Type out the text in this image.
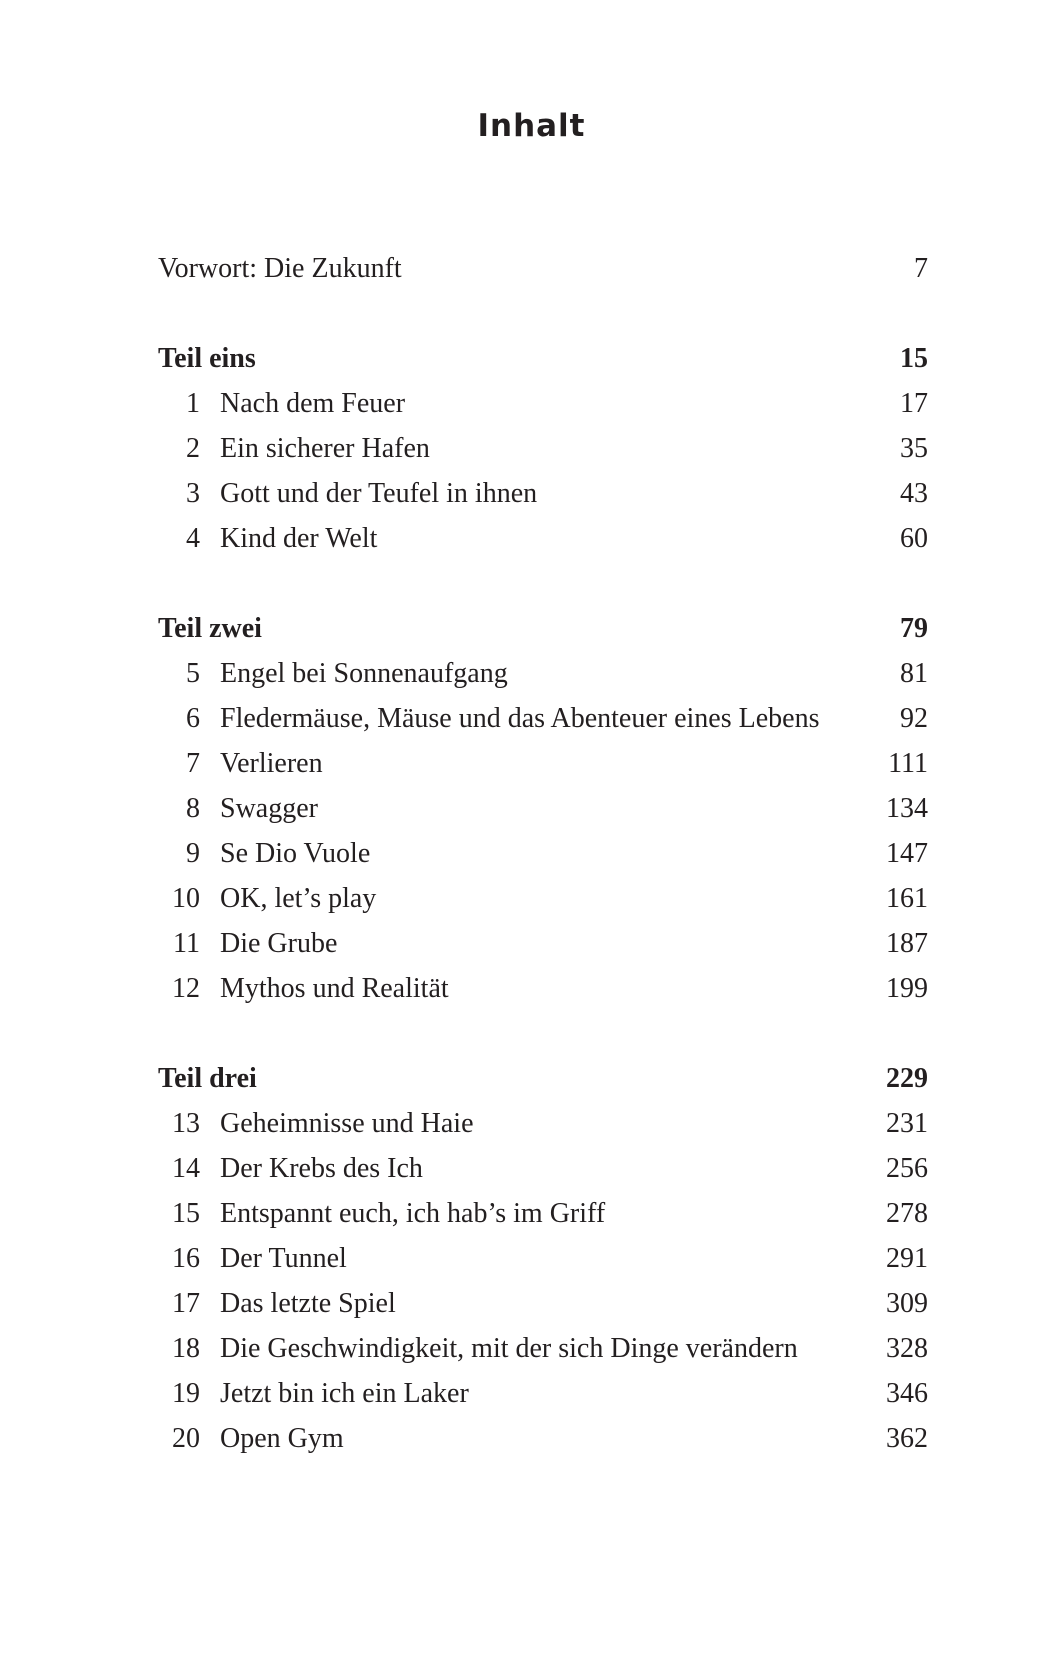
Inhalt
Vorwort: Die Zukunft	7
Teil eins	15
1 Nach dem Feuer	17
2 Ein sicherer Hafen	35
3 Gott und der Teufel in ihnen	43
4 Kind der Welt	60
Teil zwei	79
5 Engel bei Sonnenaufgang	81
6 Fledermäuse, Mäuse und das Abenteuer eines Lebens	92
7 Verlieren	111
8 Swagger	134
9 Se Dio Vuole	147
10 OK, let’s play	161
11 Die Grube	187
12 Mythos und Realität	199
Teil drei	229
13 Geheimnisse und Haie	231
14 Der Krebs des Ich	256
15 Entspannt euch, ich hab’s im Griff	278
16 Der Tunnel	291
17 Das letzte Spiel	309
18 Die Geschwindigkeit, mit der sich Dinge verändern	328
19 Jetzt bin ich ein Laker	346
20 Open Gym	362
